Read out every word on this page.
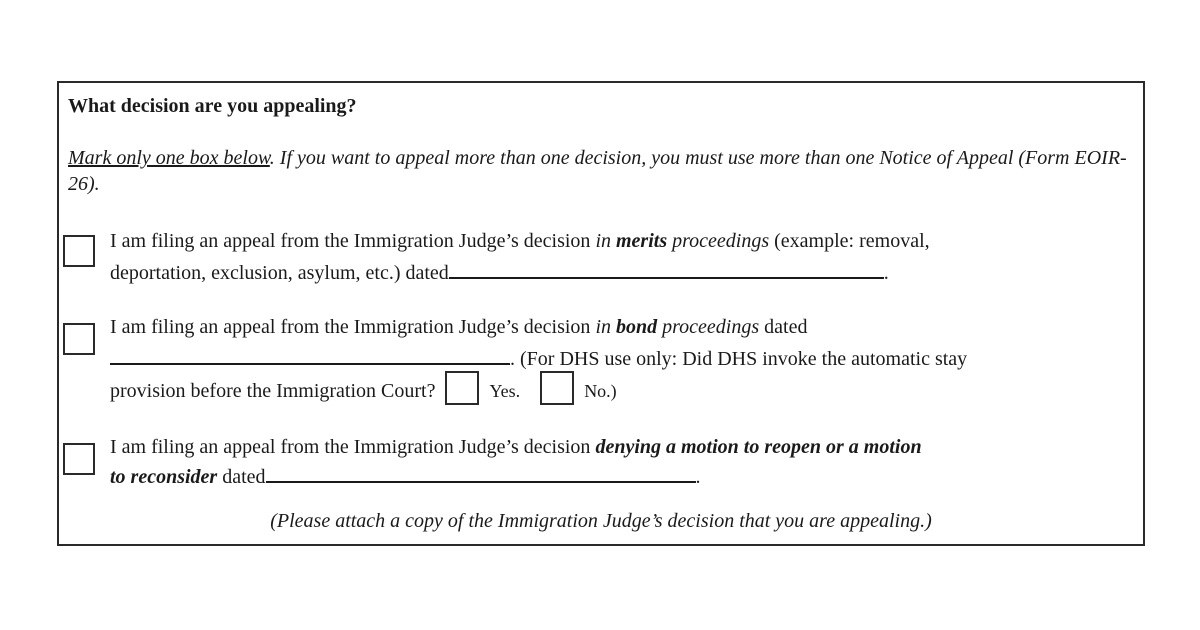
What decision are you appealing?
Mark only one box below. If you want to appeal more than one decision, you must use more than one Notice of Appeal (Form EOIR-26).
I am filing an appeal from the Immigration Judge’s decision in merits proceedings (example: removal,
deportation, exclusion, asylum, etc.) dated	.
I am filing an appeal from the Immigration Judge’s decision in bond proceedings dated
. (For DHS use only: Did DHS invoke the automatic stay
provision before the Immigration Court?	Yes.	No.)
I am filing an appeal from the Immigration Judge’s decision denying a motion to reopen or a motion
to reconsider dated	.
(Please attach a copy of the Immigration Judge’s decision that you are appealing.)
